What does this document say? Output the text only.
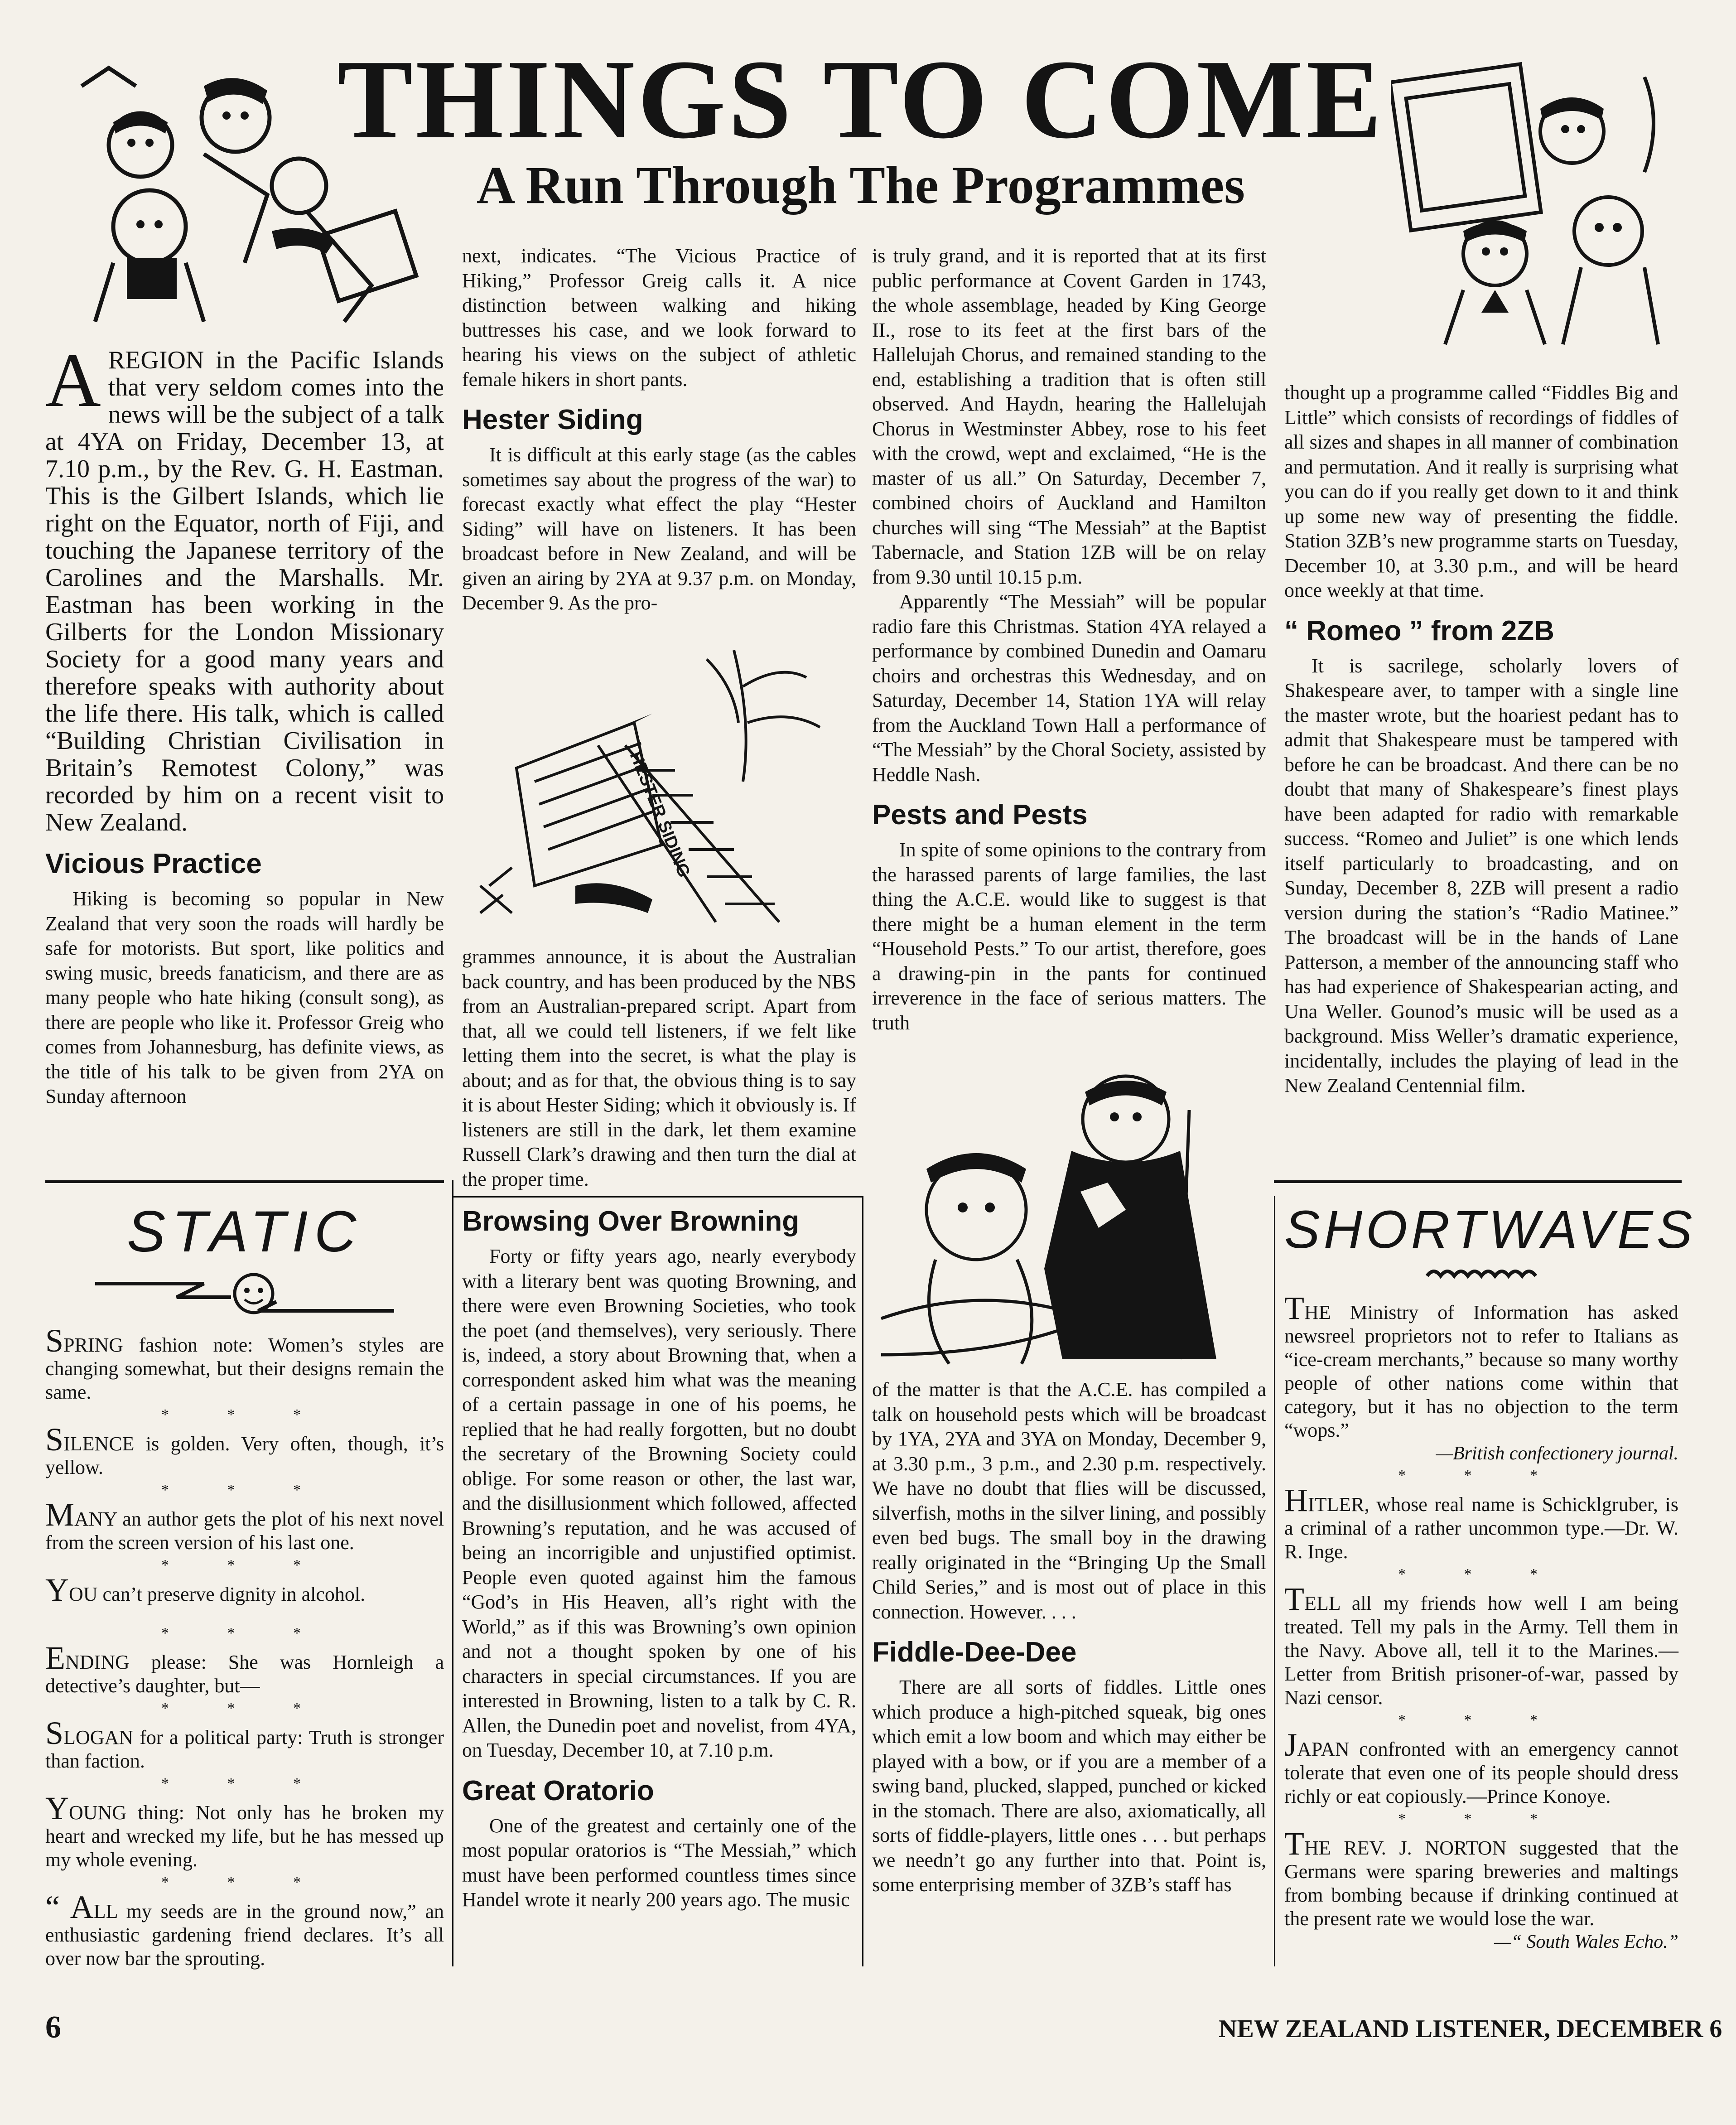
THINGS TO COME
A Run Through The Programmes
AREGION in the Pacific Islands that very seldom comes into the news will be the subject of a talk at 4YA on Friday, December 13, at 7.10 p.m., by the Rev. G. H. Eastman. This is the Gilbert Islands, which lie right on the Equator, north of Fiji, and touching the Japanese territory of the Carolines and the Marshalls. Mr. Eastman has been working in the Gilberts for the London Missionary Society for a good many years and therefore speaks with authority about the life there. His talk, which is called “Building Christian Civilisation in Britain’s Remotest Colony,” was recorded by him on a recent visit to New Zealand.
Vicious Practice

Hiking is becoming so popular in New Zealand that very soon the roads will hardly be safe for motorists. But sport, like politics and swing music, breeds fanaticism, and there are as many people who hate hiking (consult song), as there are people who like it. Professor Greig who comes from Johannesburg, has definite views, as the title of his talk to be given from 2YA on Sunday afternoon

next, indicates. “The Vicious Practice of Hiking,” Professor Greig calls it. A nice distinction between walking and hiking buttresses his case, and we look forward to hearing his views on the subject of athletic female hikers in short pants.

Hester Siding

It is difficult at this early stage (as the cables sometimes say about the progress of the war) to forecast exactly what effect the play “Hester Siding” will have on listeners. It has been broadcast before in New Zealand, and will be given an airing by 2YA at 9.37 p.m. on Monday, December 9. As the pro-

HESTER SIDING

grammes announce, it is about the Australian back country, and has been produced by the NBS from an Australian-prepared script. Apart from that, all we could tell listeners, if we felt like letting them into the secret, is what the play is about; and as for that, the obvious thing is to say it is about Hester Siding; which it obviously is. If listeners are still in the dark, let them examine Russell Clark’s drawing and then turn the dial at the proper time.

is truly grand, and it is reported that at its first public performance at Covent Garden in 1743, the whole assemblage, headed by King George II., rose to its feet at the first bars of the Hallelujah Chorus, and remained standing to the end, establishing a tradition that is often still observed. And Haydn, hearing the Hallelujah Chorus in Westminster Abbey, rose to his feet with the crowd, wept and exclaimed, “He is the master of us all.” On Saturday, December 7, combined choirs of Auckland and Hamilton churches will sing “The Messiah” at the Baptist Tabernacle, and Station 1ZB will be on relay from 9.30 until 10.15 p.m.

Apparently “The Messiah” will be popular radio fare this Christmas. Station 4YA relayed a performance by combined Dunedin and Oamaru choirs and orchestras this Wednesday, and on Saturday, December 14, Station 1YA will relay from the Auckland Town Hall a performance of “The Messiah” by the Choral Society, assisted by Heddle Nash.

Pests and Pests

In spite of some opinions to the contrary from the harassed parents of large families, the last thing the A.C.E. would like to suggest is that there might be a human element in the term “Household Pests.” To our artist, therefore, goes a drawing-pin in the pants for continued irreverence in the face of serious matters. The truth

of the matter is that the A.C.E. has compiled a talk on household pests which will be broadcast by 1YA, 2YA and 3YA on Monday, December 9, at 3.30 p.m., 3 p.m., and 2.30 p.m. respectively. We have no doubt that flies will be discussed, silverfish, moths in the silver lining, and possibly even bed bugs. The small boy in the drawing really originated in the “Bringing Up the Small Child Series,” and is most out of place in this connection. However. . . .

Fiddle-Dee-Dee

There are all sorts of fiddles. Little ones which produce a high-pitched squeak, big ones which emit a low boom and which may either be played with a bow, or if you are a member of a swing band, plucked, slapped, punched or kicked in the stomach. There are also, axiomatically, all sorts of fiddle-players, little ones . . . but perhaps we needn’t go any further into that. Point is, some enterprising member of 3ZB’s staff has

thought up a programme called “Fiddles Big and Little” which consists of recordings of fiddles of all sizes and shapes in all manner of combination and permutation. And it really is surprising what you can do if you really get down to it and think up some new way of presenting the fiddle. Station 3ZB’s new programme starts on Tuesday, December 10, at 3.30 p.m., and will be heard once weekly at that time.

“ Romeo ” from 2ZB

It is sacrilege, scholarly lovers of Shakespeare aver, to tamper with a single line the master wrote, but the hoariest pedant has to admit that Shakespeare must be tampered with before he can be broadcast. And there can be no doubt that many of Shakespeare’s finest plays have been adapted for radio with remarkable success. “Romeo and Juliet” is one which lends itself particularly to broadcasting, and on Sunday, December 8, 2ZB will present a radio version during the station’s “Radio Matinee.” The broadcast will be in the hands of Lane Patterson, a member of the announcing staff who has had experience of Shakespearian acting, and Una Weller. Gounod’s music will be used as a background. Miss Weller’s dramatic experience, incidentally, includes the playing of lead in the New Zealand Centennial film.

STATIC

SPRING fashion note: Women’s styles are changing somewhat, but their designs remain the same.

* * *

SILENCE is golden. Very often, though, it’s yellow.

* * *

MANY an author gets the plot of his next novel from the screen version of his last one.

* * *

YOU can’t preserve dignity in alcohol.

* * *

ENDING please: She was Hornleigh a detective’s daughter, but—

* * *

SLOGAN for a political party: Truth is stronger than faction.

* * *

YOUNG thing: Not only has he broken my heart and wrecked my life, but he has messed up my whole evening.

* * *

“ ALL my seeds are in the ground now,” an enthusiastic gardening friend declares. It’s all over now bar the sprouting.

Browsing Over Browning

Forty or fifty years ago, nearly everybody with a literary bent was quoting Browning, and there were even Browning Societies, who took the poet (and themselves), very seriously. There is, indeed, a story about Browning that, when a correspondent asked him what was the meaning of a certain passage in one of his poems, he replied that he had really forgotten, but no doubt the secretary of the Browning Society could oblige. For some reason or other, the last war, and the disillusionment which followed, affected Browning’s reputation, and he was accused of being an incorrigible and unjustified optimist. People even quoted against him the famous “God’s in His Heaven, all’s right with the World,” as if this was Browning’s own opinion and not a thought spoken by one of his characters in special circumstances. If you are interested in Browning, listen to a talk by C. R. Allen, the Dunedin poet and novelist, from 4YA, on Tuesday, December 10, at 7.10 p.m.

Great Oratorio

One of the greatest and certainly one of the most popular oratorios is “The Messiah,” which must have been performed countless times since Handel wrote it nearly 200 years ago. The music

SHORTWAVES

THE Ministry of Information has asked newsreel proprietors not to refer to Italians as “ice-cream merchants,” because so many worthy people of other nations come within that category, but it has no objection to the term “wops.”

—British confectionery journal.

* * *

HITLER, whose real name is Schicklgruber, is a criminal of a rather uncommon type.—Dr. W. R. Inge.

* * *

TELL all my friends how well I am being treated. Tell my pals in the Army. Tell them in the Navy. Above all, tell it to the Marines.—Letter from British prisoner-of-war, passed by Nazi censor.

* * *

JAPAN confronted with an emergency cannot tolerate that even one of its people should dress richly or eat copiously.—Prince Konoye.

* * *

THE REV. J. NORTON suggested that the Germans were sparing breweries and maltings from bombing because if drinking continued at the present rate we would lose the war.

—“ South Wales Echo.”

6	NEW ZEALAND LISTENER, DECEMBER 6
